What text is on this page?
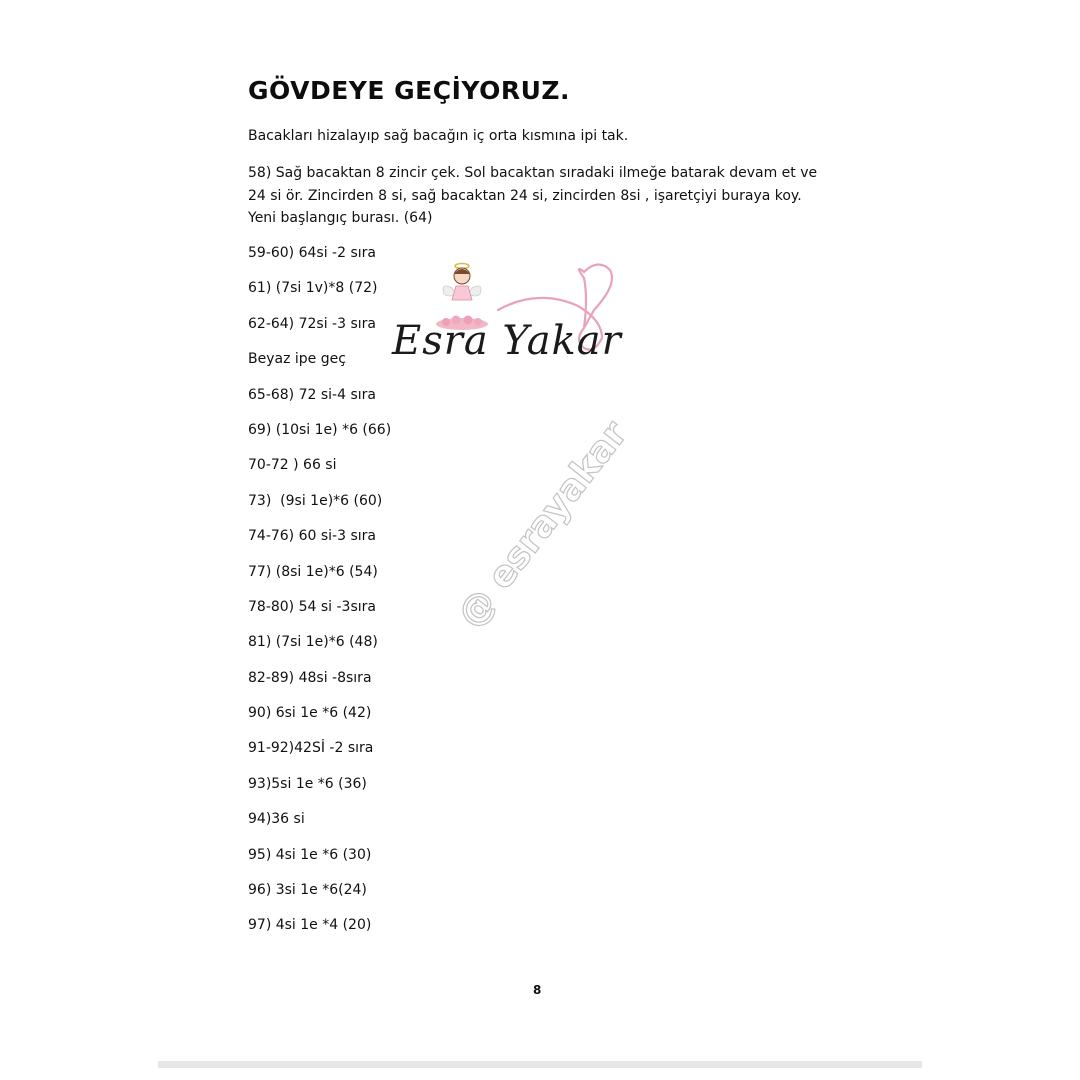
GÖVDEYE GEÇİYORUZ.

Bacakları hizalayıp sağ bacağın iç orta kısmına ipi tak.

58) Sağ bacaktan 8 zincir çek. Sol bacaktan sıradaki ilmeğe batarak devam et ve 24 si ör. Zincirden 8 si, sağ bacaktan 24 si, zincirden 8si , işaretçiyi buraya koy. Yeni başlangıç burası. (64)

59-60) 64si -2 sıra
61) (7si 1v)*8 (72)
62-64) 72si -3 sıra
Beyaz ipe geç
65-68) 72 si-4 sıra
69) (10si 1e) *6 (66)
70-72 ) 66 si
73)  (9si 1e)*6 (60)
74-76) 60 si-3 sıra
77) (8si 1e)*6 (54)
78-80) 54 si -3sıra
81) (7si 1e)*6 (48)
82-89) 48si -8sıra
90) 6si 1e *6 (42)
91-92)42Sİ -2 sıra
93)5si 1e *6 (36)
94)36 si
95) 4si 1e *6 (30)
96) 3si 1e *6(24)
97) 4si 1e *4 (20)
Esra Yakar
@ esrayakar
8
